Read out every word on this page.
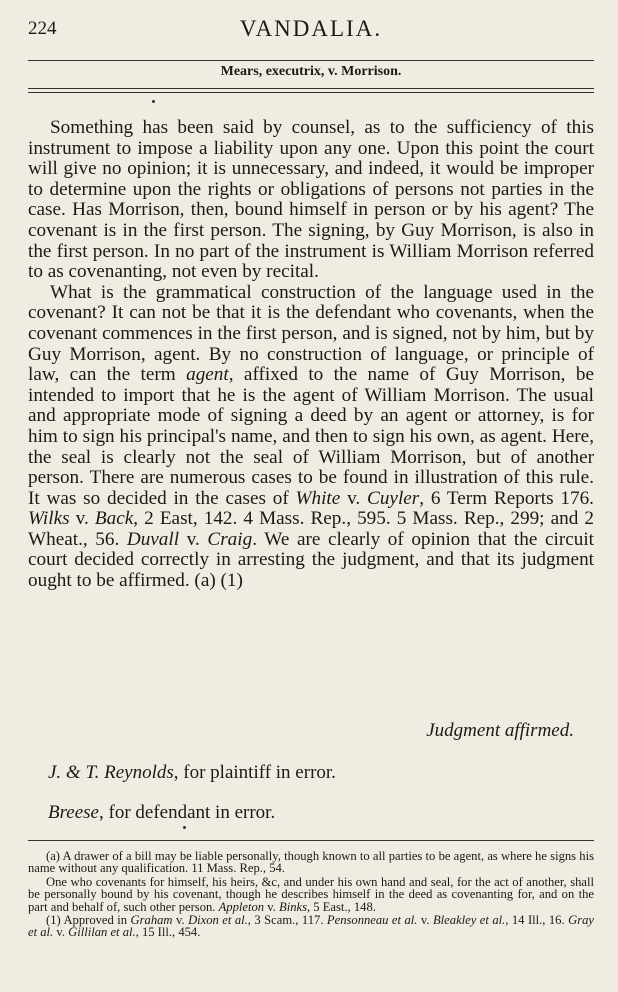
224	VANDALIA.
Mears, executrix, v. Morrison.

Something has been said by counsel, as to the sufficiency of this instrument to impose a liability upon any one. Upon this point the court will give no opinion; it is unnecessary, and indeed, it would be improper to determine upon the rights or obligations of persons not parties in the case. Has Morrison, then, bound himself in person or by his agent? The covenant is in the first person. The signing, by Guy Morrison, is also in the first person. In no part of the instrument is William Morrison referred to as covenanting, not even by recital.

What is the grammatical construction of the language used in the covenant? It can not be that it is the defendant who covenants, when the covenant commences in the first person, and is signed, not by him, but by Guy Morrison, agent. By no construction of language, or principle of law, can the term agent, affixed to the name of Guy Morrison, be intended to import that he is the agent of William Morrison. The usual and appropriate mode of signing a deed by an agent or attorney, is for him to sign his principal's name, and then to sign his own, as agent. Here, the seal is clearly not the seal of William Morrison, but of another person. There are numerous cases to be found in illustration of this rule. It was so decided in the cases of White v. Cuyler, 6 Term Reports 176. Wilks v. Back, 2 East, 142. 4 Mass. Rep., 595. 5 Mass. Rep., 299; and 2 Wheat., 56. Duvall v. Craig. We are clearly of opinion that the circuit court decided correctly in arresting the judgment, and that its judgment ought to be affirmed. (a) (1)

Judgment affirmed.
J. & T. Reynolds, for plaintiff in error.
Breese, for defendant in error.

(a) A drawer of a bill may be liable personally, though known to all parties to be agent, as where he signs his name without any qualification. 11 Mass. Rep., 54.

One who covenants for himself, his heirs, &c, and under his own hand and seal, for the act of another, shall be personally bound by his covenant, though he describes himself in the deed as covenanting for, and on the part and behalf of, such other person. Appleton v. Binks, 5 East., 148.

(1) Approved in Graham v. Dixon et al., 3 Scam., 117. Pensonneau et al. v. Bleakley et al., 14 Ill., 16. Gray et al. v. Gillilan et al., 15 Ill., 454.
